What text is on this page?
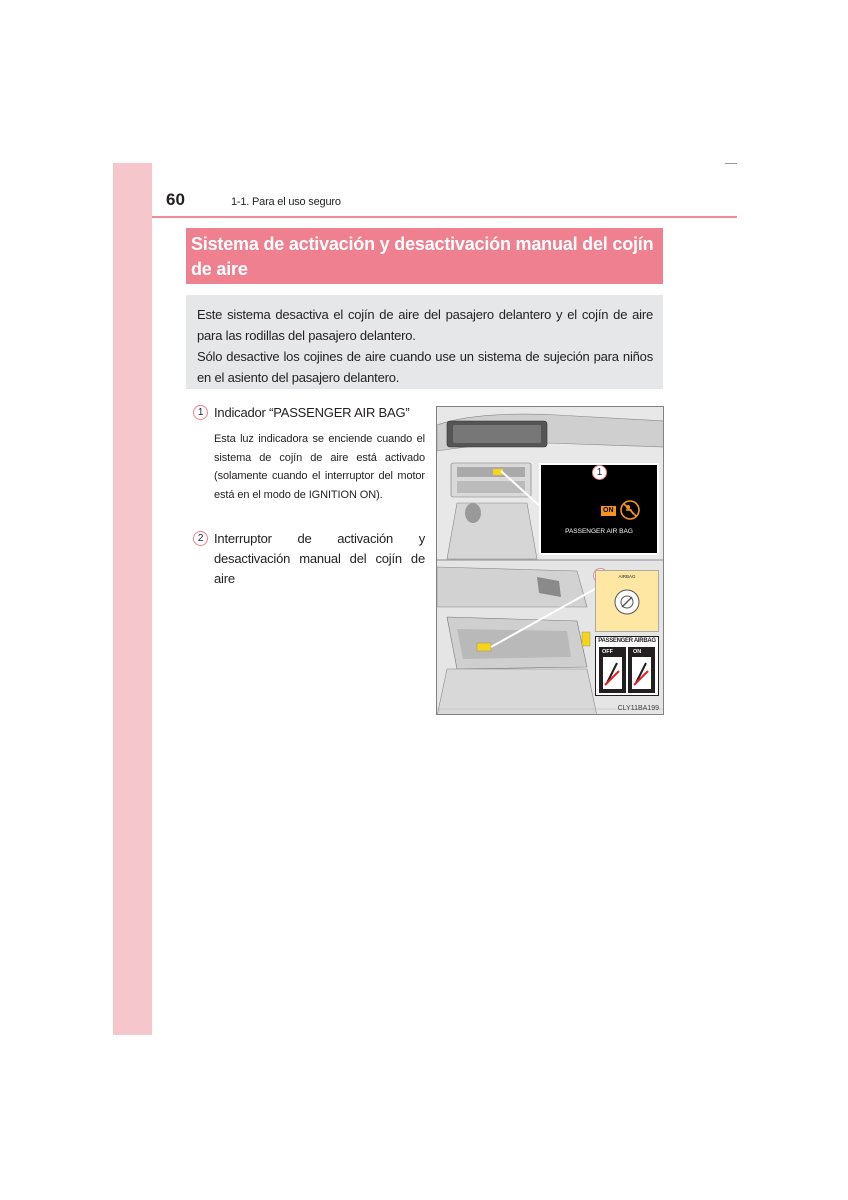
60	1-1. Para el uso seguro
Sistema de activación y desactivación manual del cojín de aire

Este sistema desactiva el cojín de aire del pasajero delantero y el cojín de aire para las rodillas del pasajero delantero.

Sólo desactive los cojines de aire cuando use un sistema de sujeción para niños en el asiento del pasajero delantero.

1 Indicador “PASSENGER AIR BAG”
Esta luz indicadora se enciende cuando el sistema de cojín de aire está activado (solamente cuando el interruptor del motor está en el modo de IGNITION ON).
2 Interruptor de activación y desactivación manual del cojín de aire
ON
PASSENGER AIR BAG
1
AIRBAG
PASSENGER AIRBAG
OFF	ON
CLY11BA199
